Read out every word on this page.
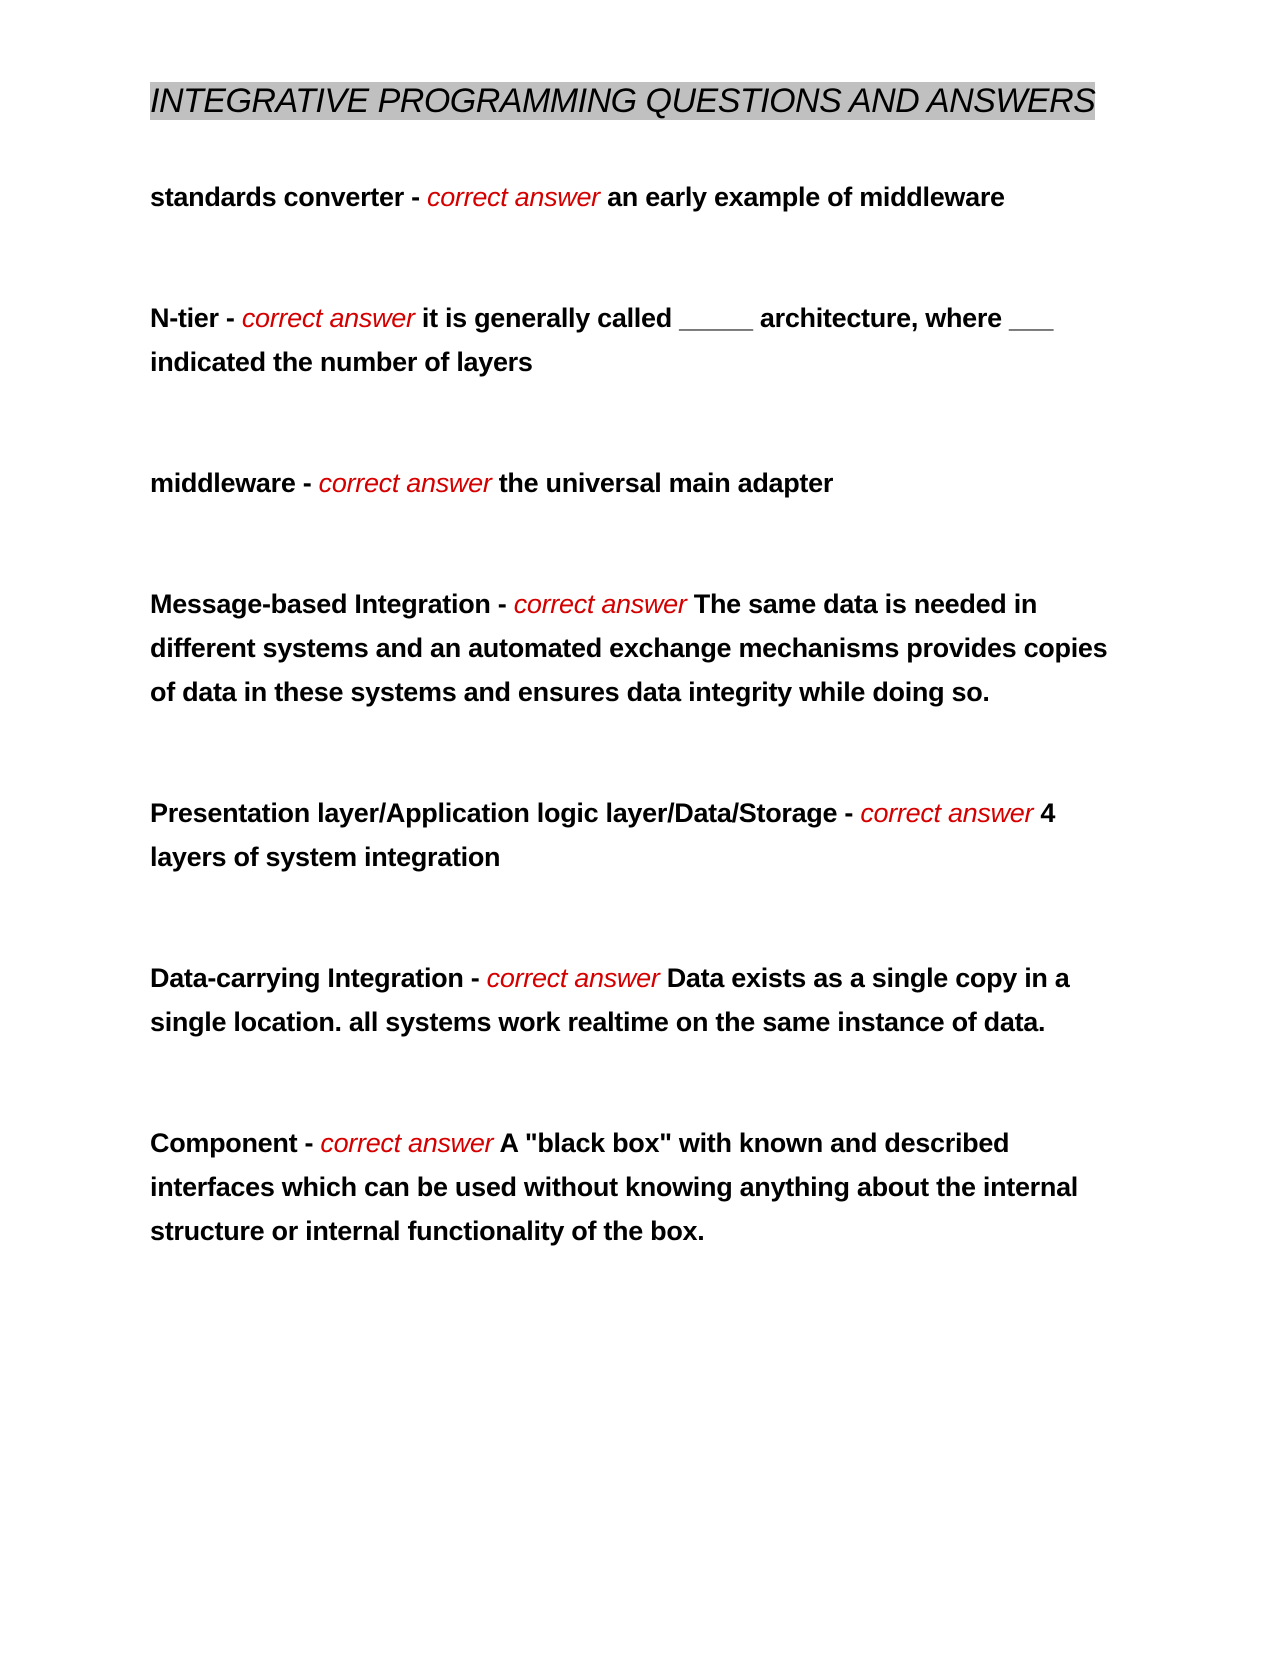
INTEGRATIVE PROGRAMMING QUESTIONS AND ANSWERS

standards converter - correct answer an early example of middleware

N-tier - correct answer it is generally called _____ architecture, where ___ indicated the number of layers

middleware - correct answer the universal main adapter

Message-based Integration - correct answer The same data is needed in different systems and an automated exchange mechanisms provides copies of data in these systems and ensures data integrity while doing so.

Presentation layer/Application logic layer/Data/Storage - correct answer 4 layers of system integration

Data-carrying Integration - correct answer Data exists as a single copy in a single location. all systems work realtime on the same instance of data.

Component - correct answer A "black box" with known and described interfaces which can be used without knowing anything about the internal structure or internal functionality of the box.
